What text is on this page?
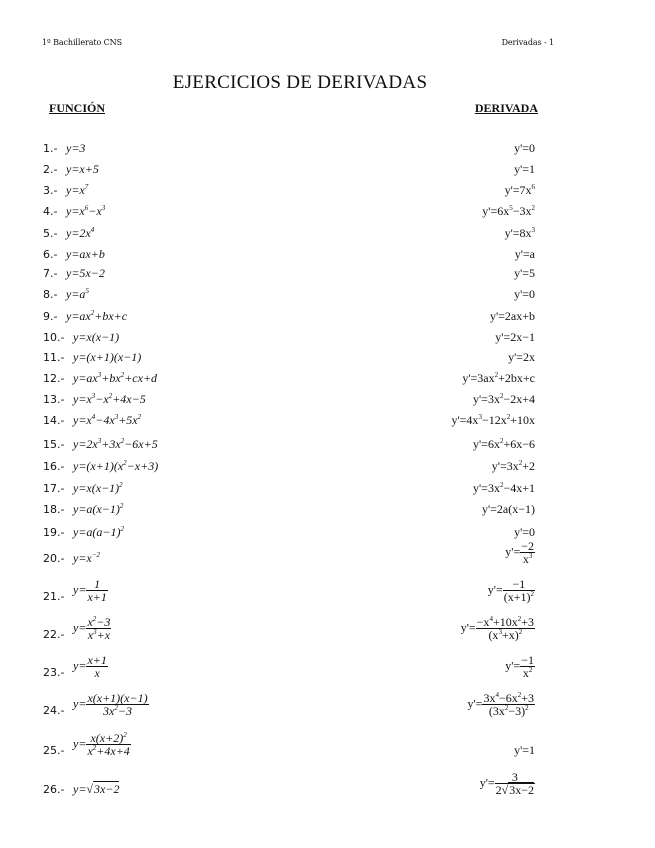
1º Bachillerato CNS	Derivadas - 1
EJERCICIOS DE DERIVADAS
FUNCIÓN	DERIVADA
1.- y=3	y'=0
2.- y=x+5	y'=1
3.- $y=x^7$	$y'=7x^6$
4.- $y=x^6-x^3$	$y'=6x^5-3x^2$
5.- $y=2x^4$	$y'=8x^3$
6.- y=ax+b	y'=a
7.- y=5x−2	y'=5
8.- $y=a^5$	y'=0
9.- $y=ax^2+bx+c$	y'=2ax+b
10.- y=x(x−1)	y'=2x−1
11.- y=(x+1)(x−1)	y'=2x
12.- $y=ax^3+bx^2+cx+d$	$y'=3ax^2+2bx+c$
13.- $y=x^3-x^2+4x-5$	$y'=3x^2-2x+4$
14.- $y=x^4-4x^3+5x^2$	$y'=4x^3-12x^2+10x$
15.- $y=2x^3+3x^2-6x+5$	$y'=6x^2+6x-6$
16.- $y=(x+1)(x^2-x+3)$	$y'=3x^2+2$
17.- $y=x(x-1)^2$	$y'=3x^2-4x+1$
18.- $y=a(x-1)^2$	y'=2a(x−1)
19.- $y=a(a-1)^2$	y'=0
20.- $y=x^{-2}$	$y'= \frac{-2}{x^3}$
21.-
$y= \frac{1}{x+1}$	$y'= \frac{-1}{(x+1)^2}$
22.-
$y= \frac{x^2-3}{x^3+x}$	$y'= \frac{-x^4+10x^2+3}{(x^3+x)^2}$
23.-
$y= \frac{x+1}{x}$	$y'= \frac{-1}{x^2}$
24.-
$y= \frac{x(x+1)(x-1)}{3x^2-3}$	$y'= \frac{3x^4-6x^2+3}{(3x^2-3)^2}$
25.-
$y= \frac{x(x+2)^2}{x^2+4x+4}$	y'=1
26.- y=√3x−2	$y'= \frac{3}{2√3x-2}$
